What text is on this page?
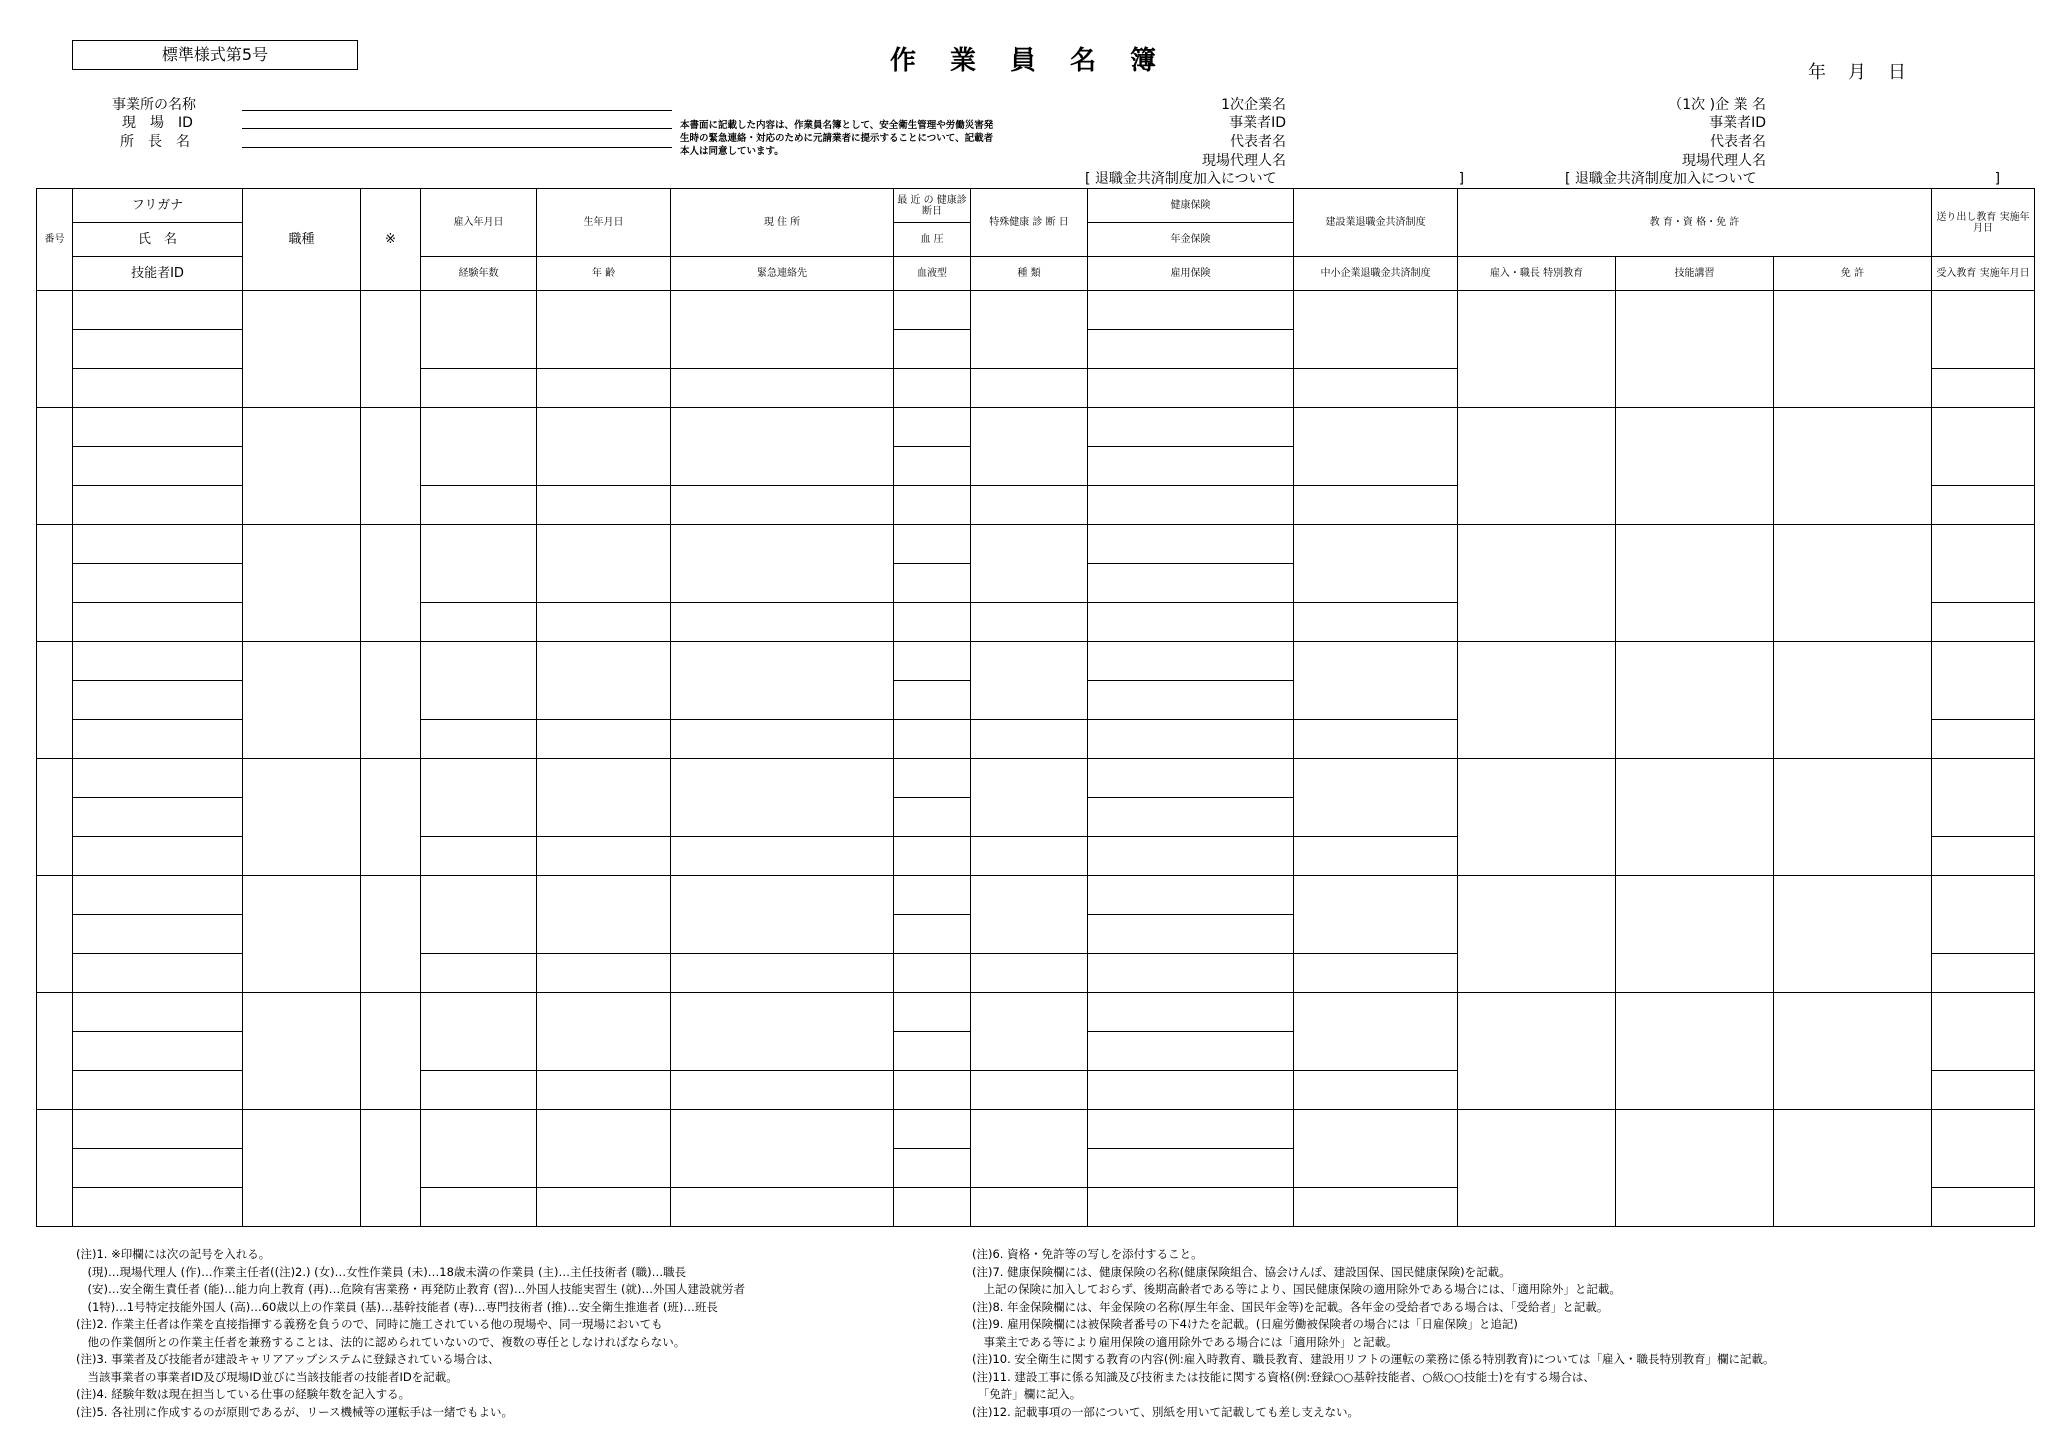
標準様式第5号	作業員名簿	年　月　日
事業所の名称
現　場　ID
所　長　名
本書面に記載した内容は、作業員名簿として、安全衛生管理や労働災害発生時の緊急連絡・対応のために元請業者に提示することについて、記載者本人は同意しています。
1次企業名
事業者ID
代表者名
現場代理人名
[ 退職金共済制度加入について　　　　　　　　　　　　　]
（1次 )企 業 名
事業者ID
代表者名
現場代理人名
[ 退職金共済制度加入について　　　　　　　　　　　　　　　　　]
番号	フリガナ	職種	※	雇入年月日	生年月日	現 住 所	最 近 の 健康診断日	特殊健康 診 断 日	健康保険	建設業退職金共済制度	教 育・資 格・免 許			送り出し教育 実施年月日
	氏　名						血 圧		年金保険					
	技能者ID			経験年数	年 齢	緊急連絡先	血液型	種 類	雇用保険	中小企業退職金共済制度	雇入・職長 特別教育	技能講習	免 許	受入教育 実施年月日

(注)1. ※印欄には次の記号を入れる。
　(現)…現場代理人 (作)…作業主任者((注)2.) (女)…女性作業員 (未)…18歳未満の作業員 (主)…主任技術者 (職)…職長
　(安)…安全衛生責任者 (能)…能力向上教育 (再)…危険有害業務・再発防止教育 (習)…外国人技能実習生 (就)…外国人建設就労者
　(1特)…1号特定技能外国人 (高)…60歳以上の作業員 (基)…基幹技能者 (専)…専門技術者 (推)…安全衛生推進者 (班)…班長
(注)2. 作業主任者は作業を直接指揮する義務を負うので、同時に施工されている他の現場や、同一現場においても
　他の作業個所との作業主任者を兼務することは、法的に認められていないので、複数の専任としなければならない。
(注)3. 事業者及び技能者が建設キャリアアップシステムに登録されている場合は、
　当該事業者の事業者ID及び現場ID並びに当該技能者の技能者IDを記載。
(注)4. 経験年数は現在担当している仕事の経験年数を記入する。
(注)5. 各社別に作成するのが原則であるが、リース機械等の運転手は一緒でもよい。
(注)6. 資格・免許等の写しを添付すること。
(注)7. 健康保険欄には、健康保険の名称(健康保険組合、協会けんぽ、建設国保、国民健康保険)を記載。
　上記の保険に加入しておらず、後期高齢者である等により、国民健康保険の適用除外である場合には、「適用除外」と記載。
(注)8. 年金保険欄には、年金保険の名称(厚生年金、国民年金等)を記載。各年金の受給者である場合は、「受給者」と記載。
(注)9. 雇用保険欄には被保険者番号の下4けたを記載。(日雇労働被保険者の場合には「日雇保険」と追記)
　事業主である等により雇用保険の適用除外である場合には「適用除外」と記載。
(注)10. 安全衛生に関する教育の内容(例:雇入時教育、職長教育、建設用リフトの運転の業務に係る特別教育)については「雇入・職長特別教育」欄に記載。
(注)11. 建設工事に係る知識及び技術または技能に関する資格(例:登録○○基幹技能者、○級○○技能士)を有する場合は、
　「免許」欄に記入。
(注)12. 記載事項の一部について、別紙を用いて記載しても差し支えない。
